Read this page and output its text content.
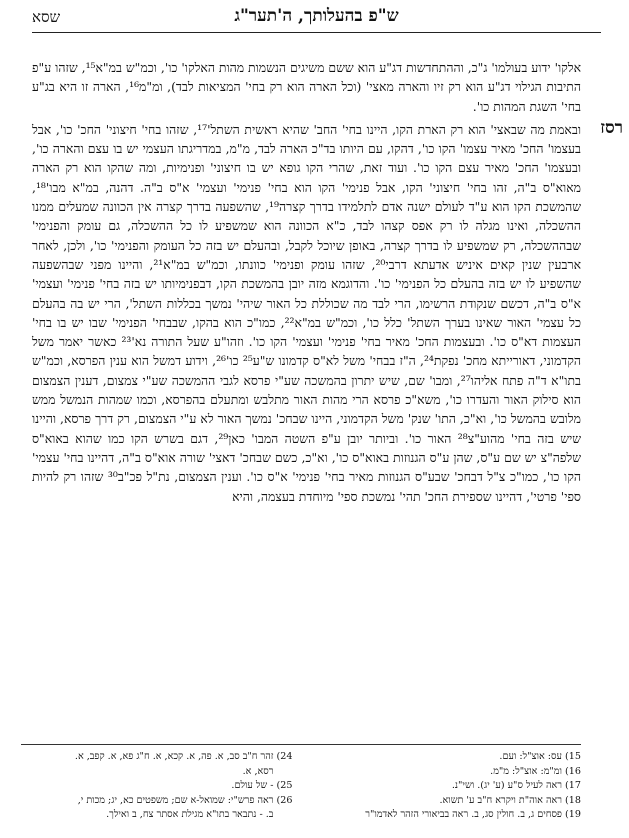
ש"פ בהעלותך, ה'תער"ג
שסא
רסז

אלקו' ידוע בעולמו' ג"כ, וההתחדשות דג"ע הוא ששם משיגים הנשמות מהות האלקו' כו', וכמ"ש במ"א¹⁵, שזהו ע"פ התיבות הגילוי דג"ע הוא רק זיו והארה מאצי' (וכל הארה הוא רק בחי' המציאות לבד), ומ"מ¹⁶, הארה זו היא בג"ע בחי' השגת המהות כו'.

ובאמת מה שבאצי' הוא רק הארת הקו, היינו בחי' החב' שהיא ראשית השתל'¹⁷, שזהו בחי' חיצוני' החכ' כו', אבל בעצמו' החכ' מאיר עצמו' הקו כו', דהקו, עם היותו בד"כ הארה לבד, מ"מ, במדריגתו העצמי יש בו עצם והארה כו', ובעצמו' החכ' מאיר עצם הקו כו'. ועוד זאת, שהרי הקו גופא יש בו חיצוני' ופנימיות, ומה שהקו הוא רק הארה מאוא"ס ב"ה, זהו בחי' חיצוני' הקו, אבל פנימי' הקו הוא בחי' פנימי' ועצמי' א"ס ב"ה. דהנה, במ"א מבו'¹⁸, שהמשכת הקו הוא ע"ד לעולם ישנה אדם לתלמידו בדרך קצרה¹⁹, שהשפעה בדרך קצרה אין הכוונה שמעלים ממנו ההשכלה, ואינו מגלה לו רק אפס קצהו לבד, כ"א הכוונה הוא שמשפיע לו כל ההשכלה, גם עומק והפנימי' שבההשכלה, רק שמשפיע לו בדרך קצרה, באופן שיוכל לקבל, ובהעלם יש בזה כל העומק והפנימי' כו', ולכן, לאחר ארבעין שנין קאים איניש אדעתא דרבי²⁰, שזהו עומק ופנימי' כוונתו, וכמ"ש במ"א²¹, והיינו מפני שבהשפעה שהשפיע לו יש בזה בהעלם כל הפנימי' כו'. והדוגמא מזה יובן בהמשכת הקו, דבפנימיותו יש בזה בחי' פנימי' ועצמי' א"ס ב"ה, דכשם שנקודת הרשימו, הרי לבד מה שכוללת כל האור שיהי' נמשך בכללות השתל', הרי יש בה בהעלם כל עצמי' האור שאינו בערך השתל' כלל כו', וכמ"ש במ"א²², כמו"כ הוא בהקו, שבבחי' הפנימי' שבו יש בו בחי' העצמות דא"ס כו'. ובעצמות החכ' מאיר בחי' פנימי' ועצמי' הקו כו'. וזהו"ע שעל התורה נא'²³ כאשר יאמר משל הקדמוני, דאורייתא מחכ' נפקת²⁴, ה"ז בבחי' משל לא"ס קדמונו ש"ע²⁵ כו'²⁶, וידוע דמשל הוא ענין הפרסא, וכמ"ש בתו"א ד"ה פתח אליהו²⁷, ומבו' שם, שיש יתרון בהמשכה שע"י פרסא לגבי ההמשכה שע"י צמצום, דענין הצמצום הוא סילוק האור והעדרו כו', משא"כ פרסא הרי מהות האור מתלבש ומתעלם בהפרסא, וכמו שמהות הנמשל ממש מלובש בהמשל כו', וא"כ, התו' שנק' משל הקדמוני, היינו שבחכ' נמשך האור לא ע"י הצמצום, רק דרך פרסא, והיינו שיש בזה בחי' מהוע"צ²⁸ האור כו'. וביותר יובן ע"פ השטה המבו' כאן²⁹, דגם בשרש הקו כמו שהוא באוא"ס שלפה"צ יש שם ע"ס, שהן ע"ס הגנוזות באוא"ס כו', וא"כ, כשם שבחכ' דאצי' שורה אוא"ס ב"ה, דהיינו בחי' עצמי' הקו כו', כמו"כ צ"ל דבחכ' שבע"ס הגנוזות מאיר בחי' פנימי' א"ס כו'. וענין הצמצום, נת"ל פכ"ב³⁰ שזהו רק להיות ספי' פרטי', דהיינו שספירת החכ' תהי' נמשכת ספי' מיוחדת בעצמה, והיא

15) עס: אוצ"ל: ועם.
16) ומ"מ: אוצ"ל: מ"מ.
17) ראה לעיל ס"ע (ע' יג). ושי"נ.
18) ראה אוה"ת ויקרא ח"ב ע' תשוא.
19) פסחים ג, ב. חולין סג, ב. ראה בביאורי הזהר לאדמו"ר
24) זהר ח"ב סב, א. פה, א. קכא, א. ח"ג פא, א. קפב, א.
רסא, א.
25) - של עולם.
26) ראה פרש"י: שמואל-א שם; משפטים כא, יג; מכות י,
ב. - נתבאר בתו"א מגילת אסתר צח, ב ואילך.
